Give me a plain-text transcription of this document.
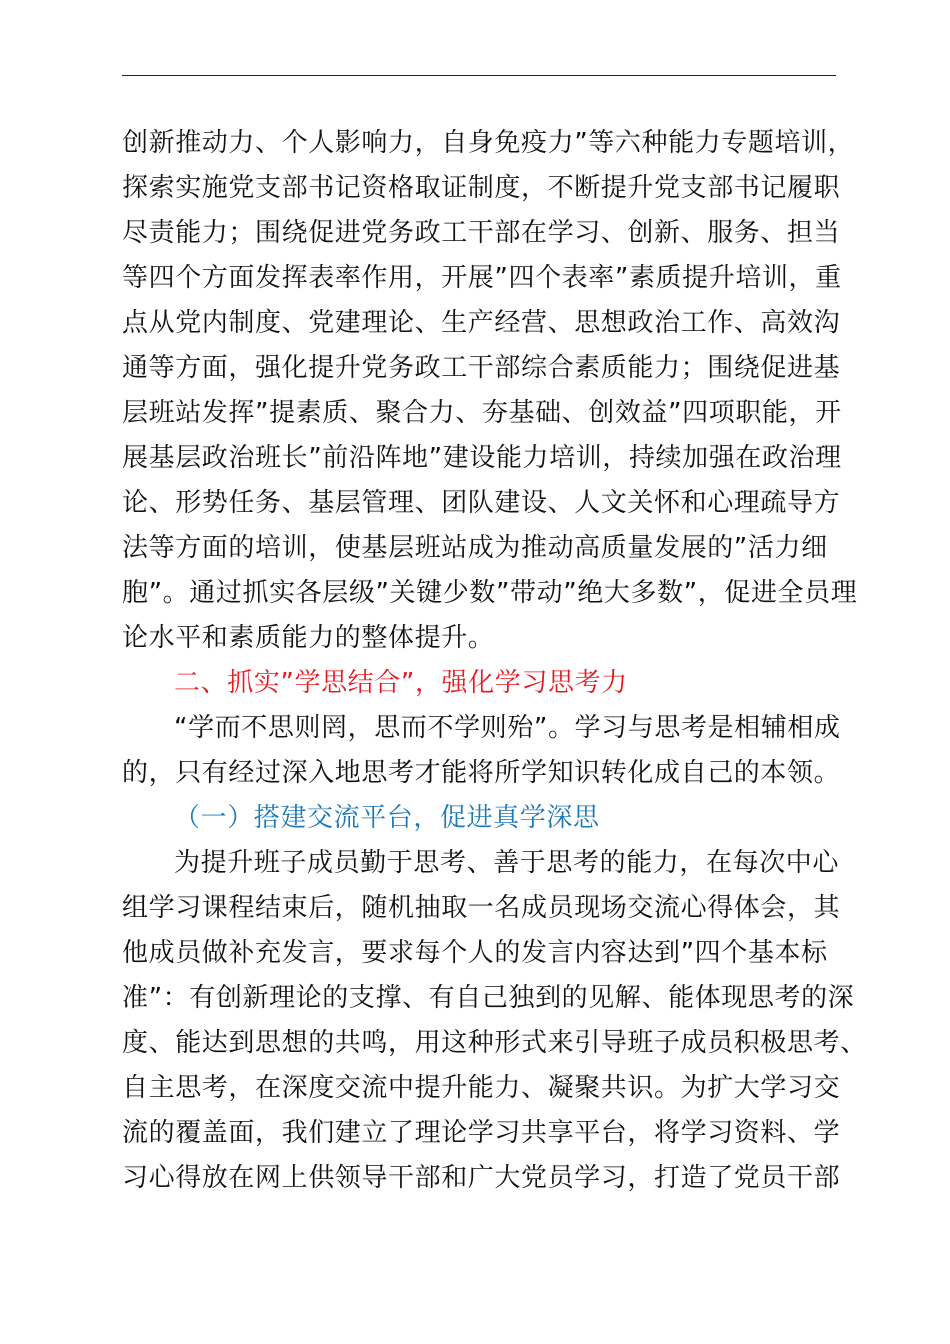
创新推动力、个人影响力，自身免疫力”等六种能力专题培训，
探索实施党支部书记资格取证制度，不断提升党支部书记履职
尽责能力；围绕促进党务政工干部在学习、创新、服务、担当
等四个方面发挥表率作用，开展”四个表率”素质提升培训，重
点从党内制度、党建理论、生产经营、思想政治工作、高效沟
通等方面，强化提升党务政工干部综合素质能力；围绕促进基
层班站发挥”提素质、聚合力、夯基础、创效益”四项职能，开
展基层政治班长”前沿阵地”建设能力培训，持续加强在政治理
论、形势任务、基层管理、团队建设、人文关怀和心理疏导方
法等方面的培训，使基层班站成为推动高质量发展的”活力细
胞”。通过抓实各层级”关键少数”带动”绝大多数”，促进全员理
论水平和素质能力的整体提升。
二、抓实”学思结合”，强化学习思考力
“学而不思则罔，思而不学则殆”。学习与思考是相辅相成
的，只有经过深入地思考才能将所学知识转化成自己的本领。
（一）搭建交流平台，促进真学深思
为提升班子成员勤于思考、善于思考的能力，在每次中心
组学习课程结束后，随机抽取一名成员现场交流心得体会，其
他成员做补充发言，要求每个人的发言内容达到”四个基本标
准”：有创新理论的支撑、有自己独到的见解、能体现思考的深
度、能达到思想的共鸣，用这种形式来引导班子成员积极思考、
自主思考，在深度交流中提升能力、凝聚共识。为扩大学习交
流的覆盖面，我们建立了理论学习共享平台，将学习资料、学
习心得放在网上供领导干部和广大党员学习，打造了党员干部
